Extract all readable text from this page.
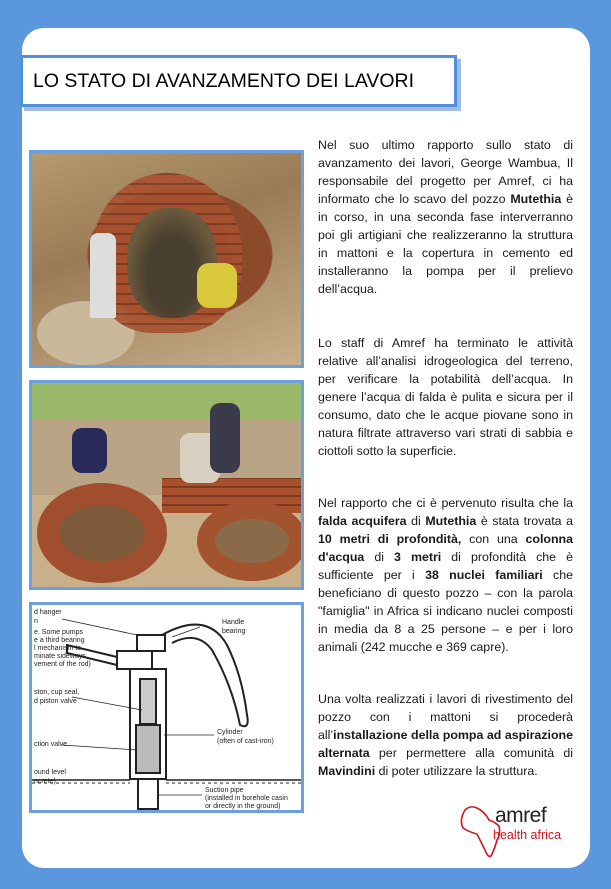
LO STATO DI AVANZAMENTO DEI LAVORI
d hanger
n
e. Some pumps
e a third bearing
l mechanism to
minate sideways
vement of the rod)
Handle
bearing
ston, cup seal,
d piston valve
Cylinder
(often of cast-iron)
ction valve
ound level
ncrete)
Suction pipe
(installed in borehole casin
or directly in the ground)
Nel suo ultimo rapporto sullo stato di avanzamento dei lavori, George Wambua, Il responsabile del progetto per Amref, ci ha informato che lo scavo del pozzo Mutethia è in corso, in una seconda fase interverranno poi gli artigiani che realizzeranno la struttura in mattoni e la copertura in cemento ed installeranno la pompa per il prelievo dell’acqua.
Lo staff di Amref ha terminato le attività relative all’analisi idrogeologica del terreno, per verificare la potabilità dell’acqua. In genere l’acqua di falda è pulita e sicura per il consumo, dato che le acque piovane sono in natura filtrate attraverso vari strati di sabbia e ciottoli sotto la superficie.
Nel rapporto che ci è pervenuto risulta che la falda acquifera di Mutethia è stata trovata a 10 metri di profondità, con una colonna d'acqua di 3 metri di profondità che è sufficiente per i 38 nuclei familiari che beneficiano di questo pozzo – con la parola "famiglia" in Africa si indicano nuclei composti in media da 8 a 25 persone – e per i loro animali (242 mucche e 369 capre).
Una volta realizzati i lavori di rivestimento del pozzo con i mattoni si procederà all’installazione della pompa ad aspirazione alternata per permettere alla comunità di Mavindini di poter utilizzare la struttura.
amref
health africa
